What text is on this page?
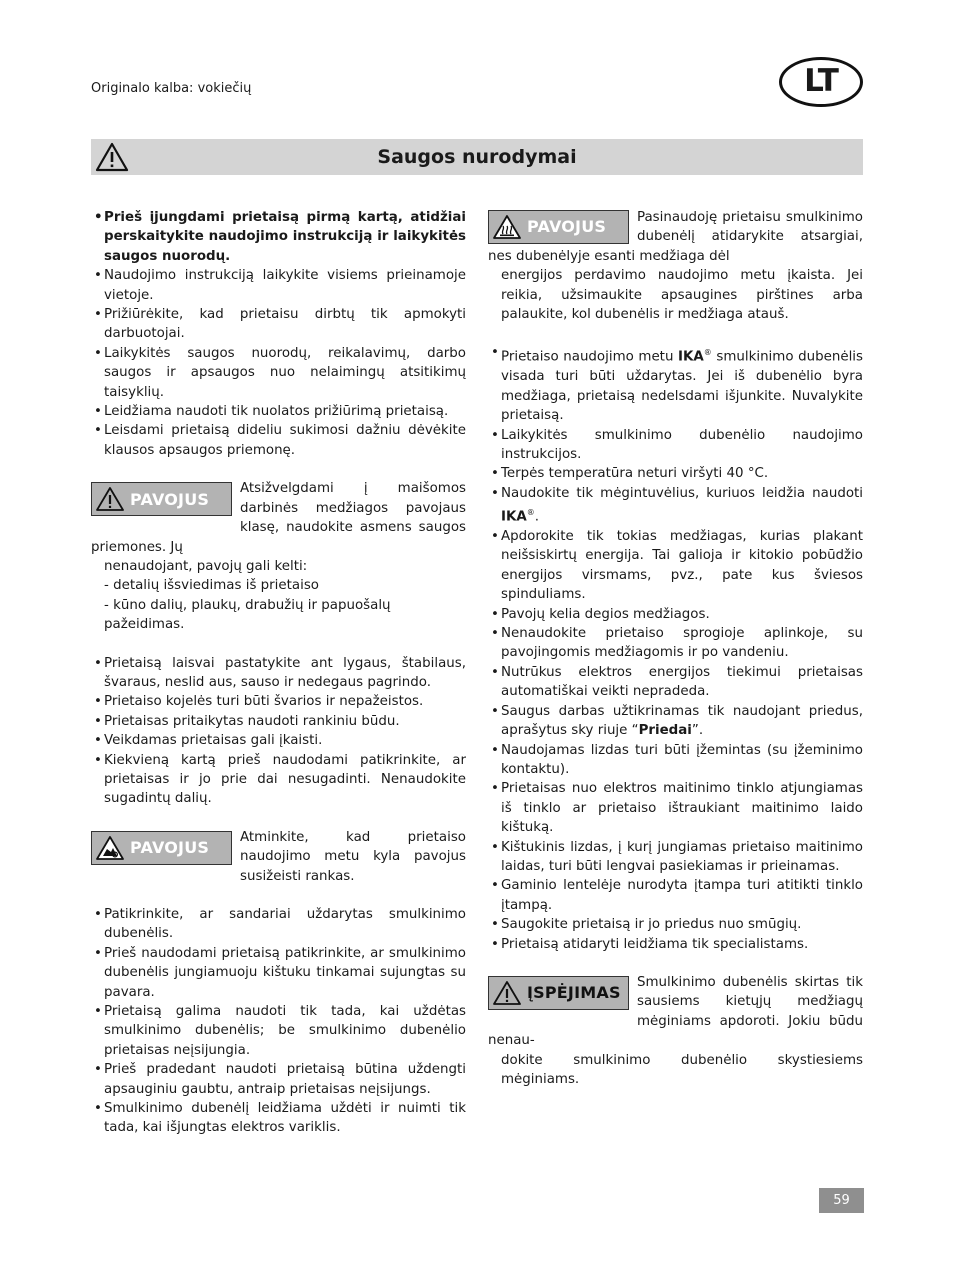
Originalo kalba: vokiečių	LT
Saugos nurodymai
• Prieš įjungdami prietaisą pirmą kartą, atidžiai perskaitykite naudojimo instrukciją ir laikykitės saugos nuorodų.
• Naudojimo instrukciją laikykite visiems prieinamoje vietoje.
• Prižiūrėkite, kad prietaisu dirbtų tik apmokyti darbuotojai.
• Laikykitės saugos nuorodų, reikalavimų, darbo saugos ir apsaugos nuo nelaimingų atsitikimų taisyklių.
• Leidžiama naudoti tik nuolatos prižiūrimą prietaisą.
• Leisdami prietaisą dideliu sukimosi dažniu dėvėkite klausos apsaugos priemonę.
PAVOJUS
Atsižvelgdami į maišomos darbinės medžiagos pavojaus klasę, naudokite asmens saugos priemones. Jų
nenaudojant, pavojų gali kelti:
- detalių išsviedimas iš prietaiso
- kūno dalių, plaukų, drabužių ir papuošalų pažeidimas.
• Prietaisą laisvai pastatykite ant lygaus, štabilaus, švaraus, neslid aus, sauso ir nedegaus pagrindo.
• Prietaiso kojelės turi būti švarios ir nepažeistos.
• Prietaisas pritaikytas naudoti rankiniu būdu.
• Veikdamas prietaisas gali įkaisti.
• Kiekvieną kartą prieš naudodami patikrinkite, ar prietaisas ir jo prie dai nesugadinti. Nenaudokite sugadintų dalių.
PAVOJUS
Atminkite, kad prietaiso naudojimo metu kyla pavojus susižeisti rankas.
• Patikrinkite, ar sandariai uždarytas smulkinimo dubenėlis.
• Prieš naudodami prietaisą patikrinkite, ar smulkinimo dubenėlis jungiamuoju kištuku tinkamai sujungtas su pavara.
• Prietaisą galima naudoti tik tada, kai uždėtas smulkinimo dubenėlis; be smulkinimo dubenėlio prietaisas neįsijungia.
• Prieš pradedant naudoti prietaisą būtina uždengti apsauginiu gaubtu, antraip prietaisas neįsijungs.
• Smulkinimo dubenėlį leidžiama uždėti ir nuimti tik tada, kai išjungtas elektros variklis.
PAVOJUS	Pasinaudoję prietaisu smulkinimo dubenėlį atidarykite atsargiai, nes dubenėlyje esanti medžiaga dėl
energijos perdavimo naudojimo metu įkaista. Jei reikia, užsimaukite apsaugines pirštines arba palaukite, kol dubenėlis ir medžiaga atauš.
• Prietaiso naudojimo metu IKA® smulkinimo dubenėlis visada turi būti uždarytas. Jei iš dubenėlio byra medžiaga, prietaisą nedelsdami išjunkite. Nuvalykite prietaisą.
• Laikykitės smulkinimo dubenėlio naudojimo instrukcijos.
• Terpės temperatūra neturi viršyti 40 °C.
• Naudokite tik mėgintuvėlius, kuriuos leidžia naudoti IKA®.
• Apdorokite tik tokias medžiagas, kurias plakant neišsiskirtų energija. Tai galioja ir kitokio pobūdžio energijos virsmams, pvz., pate kus šviesos spinduliams.
• Pavojų kelia degios medžiagos.
• Nenaudokite prietaiso sprogioje aplinkoje, su pavojingomis medžiagomis ir po vandeniu.
• Nutrūkus elektros energijos tiekimui prietaisas automatiškai veikti nepradeda.
• Saugus darbas užtikrinamas tik naudojant priedus, aprašytus sky riuje “Priedai”.
• Naudojamas lizdas turi būti įžemintas (su įžeminimo kontaktu).
• Prietaisas nuo elektros maitinimo tinklo atjungiamas iš tinklo ar prietaiso ištraukiant maitinimo laido kištuką.
• Kištukinis lizdas, į kurį jungiamas prietaiso maitinimo laidas, turi būti lengvai pasiekiamas ir prieinamas.
• Gaminio lentelėje nurodyta įtampa turi atitikti tinklo įtampą.
• Saugokite prietaisą ir jo priedus nuo smūgių.
• Prietaisą atidaryti leidžiama tik specialistams.
ĮSPĖJIMAS
Smulkinimo dubenėlis skirtas tik sausiems kietųjų medžiagų mėginiams apdoroti. Jokiu būdu nenau-
dokite smulkinimo dubenėlio skystiesiems mėginiams.
59
